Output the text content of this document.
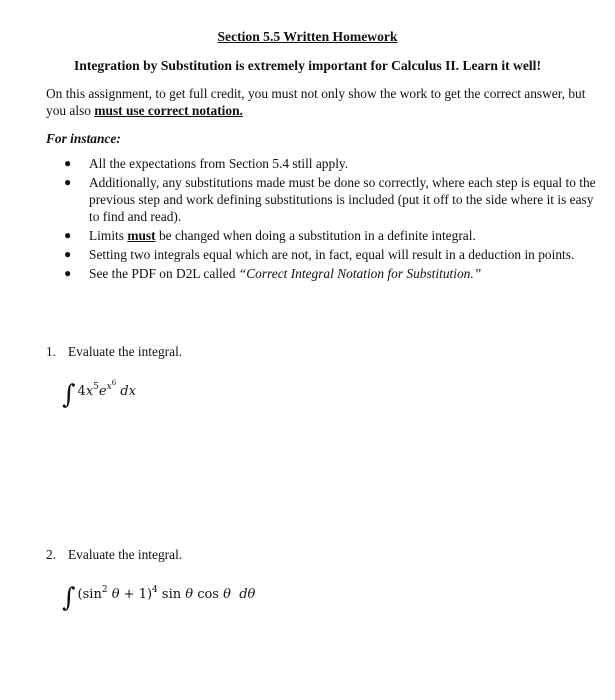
Section 5.5 Written Homework
Integration by Substitution is extremely important for Calculus II. Learn it well!
On this assignment, to get full credit, you must not only show the work to get the correct answer, but you also must use correct notation.
For instance:
● All the expectations from Section 5.4 still apply.
● Additionally, any substitutions made must be done so correctly, where each step is equal to the previous step and work defining substitutions is included (put it off to the side where it is easy to find and read).
● Limits must be changed when doing a substitution in a definite integral.
● Setting two integrals equal which are not, in fact, equal will result in a deduction in points.
● See the PDF on D2L called “Correct Integral Notation for Substitution.”
1. Evaluate the integral.
∫ $4x^5e^{x^6}$ dx
2. Evaluate the integral.
∫ ($\sin^2$ θ + 1)$^4$ sin θ cos θ dθ
